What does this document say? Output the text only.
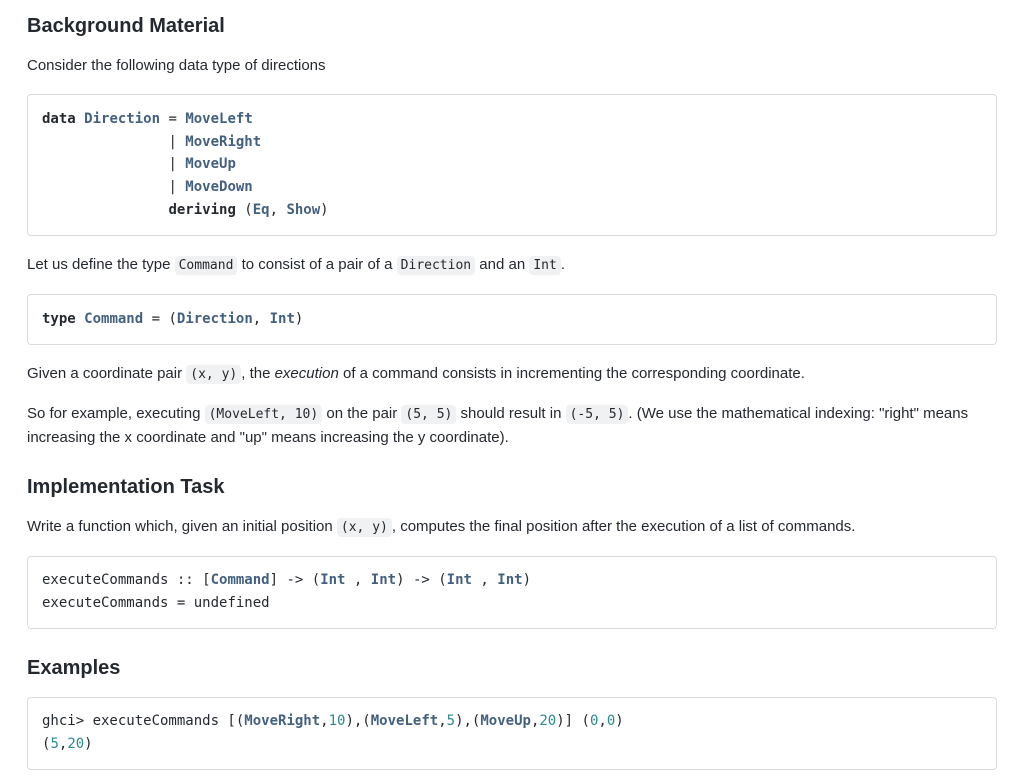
Background Material

Consider the following data type of directions

data Direction = MoveLeft
| MoveRight
| MoveUp
| MoveDown
deriving (Eq, Show)

Let us define the type Command to consist of a pair of a Direction and an Int .

type Command = (Direction, Int)

Given a coordinate pair (x, y) , the execution of a command consists in incrementing the corresponding coordinate.

So for example, executing (MoveLeft, 10) on the pair (5, 5) should result in (-5, 5) . (We use the mathematical indexing: "right" means increasing the x coordinate and "up" means increasing the y coordinate).

Implementation Task

Write a function which, given an initial position (x, y) , computes the final position after the execution of a list of commands.

executeCommands :: [Command] -> (Int , Int) -> (Int , Int)
executeCommands = undefined
Examples
ghci> executeCommands [(MoveRight,10),(MoveLeft,5),(MoveUp,20)] (0,0)
(5,20)
